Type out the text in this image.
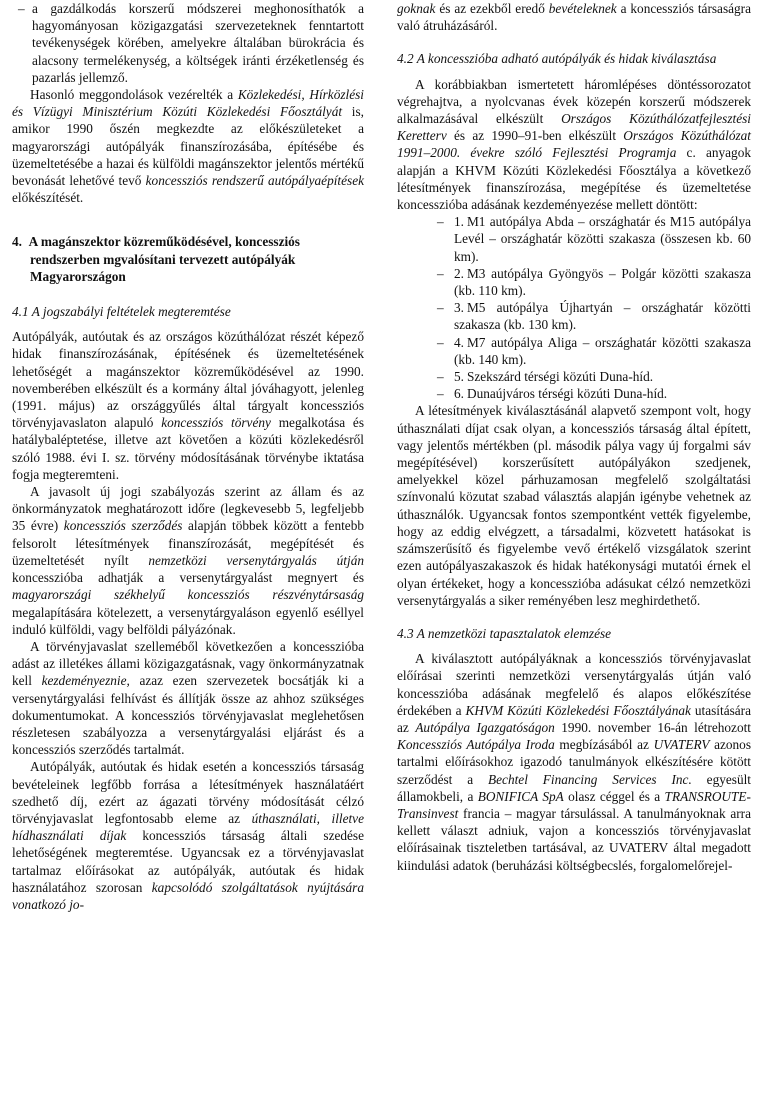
– a gazdálkodás korszerű módszerei meghonosíthatók a hagyományosan közigazgatási szervezeteknek fenntartott tevékenységek körében, amelyekre általában bürokrácia és alacsony termelékenység, a költségek iránti érzéketlenség és pazarlás jellemző.

Hasonló meggondolások vezérelték a Közlekedési, Hírközlési és Vízügyi Minisztérium Közúti Közlekedési Főosztályát is, amikor 1990 őszén megkezdte az előkészületeket a magyarországi autópályák finanszírozásába, építésébe és üzemeltetésébe a hazai és külföldi magánszektor jelentős mértékű bevonását lehetővé tevő koncessziós rendszerű autópályaépítések előkészítését.

4. A magánszektor közreműködésével, koncessziós rendszerben mgvalósítani tervezett autópályák Magyarországon

4.1 A jogszabályi feltételek megteremtése

Autópályák, autóutak és az országos közúthálózat részét képező hidak finanszírozásának, építésének és üzemeltetésének lehetőségét a magánszektor közreműködésével az 1990. novemberében elkészült és a kormány által jóváhagyott, jelenleg (1991. május) az országgyűlés által tárgyalt koncessziós törvényjavaslaton alapuló koncessziós törvény megalkotása és hatálybaléptetése, illetve azt követően a közúti közlekedésről szóló 1988. évi I. sz. törvény módosításának törvénybe iktatása fogja megteremteni.

A javasolt új jogi szabályozás szerint az állam és az önkormányzatok meghatározott időre (legkevesebb 5, legfeljebb 35 évre) koncessziós szerződés alapján többek között a fentebb felsorolt létesítmények finanszírozását, megépítését és üzemeltetését nyílt nemzetközi versenytárgyalás útján koncesszióba adhatják a versenytárgyalást megnyert és magyarországi székhelyű koncessziós részvénytársaság megalapítására kötelezett, a versenytárgyaláson egyenlő eséllyel induló külföldi, vagy belföldi pályázónak.

A törvényjavaslat szelleméből következően a koncesszióba adást az illetékes állami közigazgatásnak, vagy önkormányzatnak kell kezdeményeznie, azaz ezen szervezetek bocsátják ki a versenytárgyalási felhívást és állítják össze az ahhoz szükséges dokumentumokat. A koncessziós törvényjavaslat meglehetősen részletesen szabályozza a versenytárgyalási eljárást és a koncessziós szerződés tartalmát.

Autópályák, autóutak és hidak esetén a koncessziós társaság bevételeinek legfőbb forrása a létesítmények használatáért szedhető díj, ezért az ágazati törvény módosítását célzó törvényjavaslat legfontosabb eleme az úthasználati, illetve hídhasználati díjak koncessziós társaság általi szedése lehetőségének megteremtése. Ugyancsak ez a törvényjavaslat tartalmaz előírásokat az autópályák, autóutak és hidak használatához szorosan kapcsolódó szolgáltatások nyújtására vonatkozó jo-

goknak és az ezekből eredő bevételeknek a koncessziós társaságra való átruházásáról.

4.2 A koncesszióba adható autópályák és hidak kiválasztása

A korábbiakban ismertetett háromlépéses döntéssorozatot végrehajtva, a nyolcvanas évek közepén korszerű módszerek alkalmazásával elkészült Országos Közúthálózatfejlesztési Keretterv és az 1990–91-ben elkészült Országos Közúthálózat 1991–2000. évekre szóló Fejlesztési Programja c. anyagok alapján a KHVM Közúti Közlekedési Főosztálya a következő létesítmények finanszírozása, megépítése és üzemeltetése koncesszióba adásának kezdeményezése mellett döntött:

– 1. M1 autópálya Abda – országhatár és M15 autópálya Levél – országhatár közötti szakasza (összesen kb. 60 km).
– 2. M3 autópálya Gyöngyös – Polgár közötti szakasza (kb. 110 km).
– 3. M5 autópálya Újhartyán – országhatár közötti szakasza (kb. 130 km).
– 4. M7 autópálya Aliga – országhatár közötti szakasza (kb. 140 km).
– 5. Szekszárd térségi közúti Duna-híd.
– 6. Dunaújváros térségi közúti Duna-híd.

A létesítmények kiválasztásánál alapvető szempont volt, hogy úthasználati díjat csak olyan, a koncessziós társaság által épített, vagy jelentős mértékben (pl. második pálya vagy új forgalmi sáv megépítésével) korszerűsített autópályákon szedjenek, amelyekkel közel párhuzamosan megfelelő szolgáltatási színvonalú közutat szabad választás alapján igénybe vehetnek az úthasználók. Ugyancsak fontos szempontként vették figyelembe, hogy az eddig elvégzett, a társadalmi, közvetett hatásokat is számszerűsítő és figyelembe vevő értékelő vizsgálatok szerint ezen autópályaszakaszok és hidak hatékonysági mutatói érnek el olyan értékeket, hogy a koncesszióba adásukat célzó nemzetközi versenytárgyalás a siker reményében lesz meghirdethető.

4.3 A nemzetközi tapasztalatok elemzése

A kiválasztott autópályáknak a koncessziós törvényjavaslat előírásai szerinti nemzetközi versenytárgyalás útján való koncesszióba adásának megfelelő és alapos előkészítése érdekében a KHVM Közúti Közlekedési Főosztályának utasítására az Autópálya Igazgatóságon 1990. november 16-án létrehozott Koncessziós Autópálya Iroda megbízásából az UVATERV azonos tartalmi előírásokhoz igazodó tanulmányok elkészítésére kötött szerződést a Bechtel Financing Services Inc. egyesült államokbeli, a BONIFICA SpA olasz céggel és a TRANSROUTE-Transinvest francia – magyar társulással. A tanulmányoknak arra kellett választ adniuk, vajon a koncessziós törvényjavaslat előírásainak tiszteletben tartásával, az UVATERV által megadott kiindulási adatok (beruházási költségbecslés, forgalomelőrejel-
